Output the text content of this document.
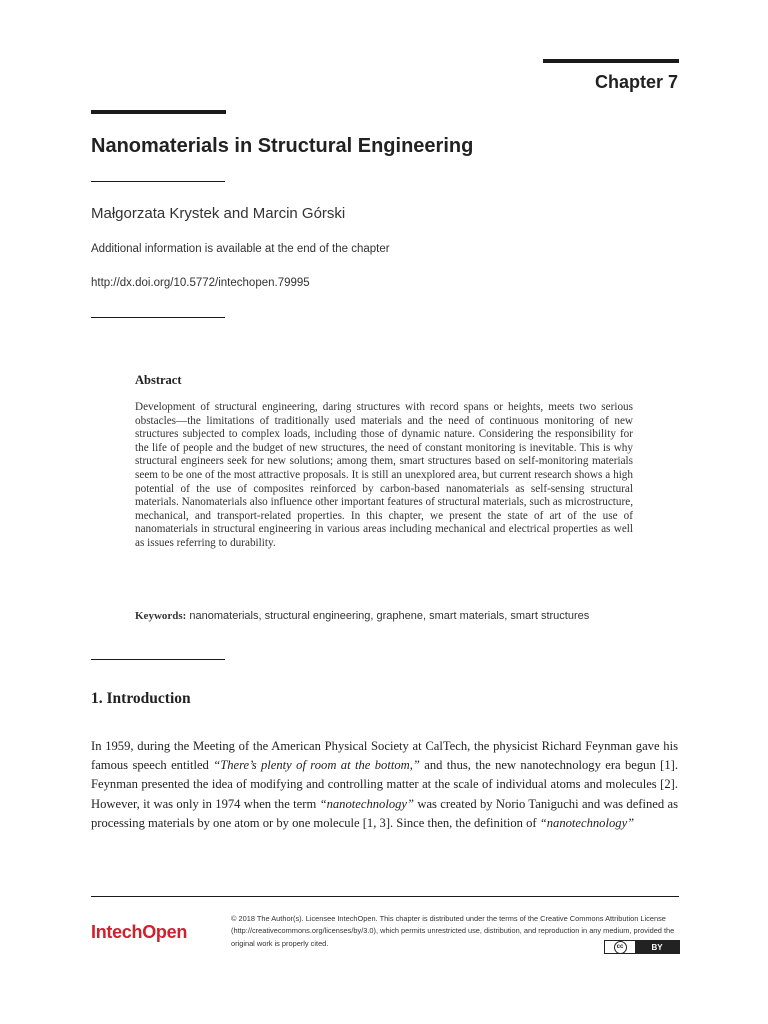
Chapter 7
Nanomaterials in Structural Engineering
Małgorzata Krystek and Marcin Górski
Additional information is available at the end of the chapter
http://dx.doi.org/10.5772/intechopen.79995
Abstract
Development of structural engineering, daring structures with record spans or heights, meets two serious obstacles—the limitations of traditionally used materials and the need of continuous monitoring of new structures subjected to complex loads, including those of dynamic nature. Considering the responsibility for the life of people and the budget of new structures, the need of constant monitoring is inevitable. This is why structural engineers seek for new solutions; among them, smart structures based on self-monitoring materials seem to be one of the most attractive proposals. It is still an unexplored area, but current research shows a high potential of the use of composites reinforced by carbon-based nanomaterials as self-sensing structural materials. Nanomaterials also influence other important features of structural materials, such as microstructure, mechanical, and transport-related properties. In this chapter, we present the state of art of the use of nanomaterials in structural engineering in various areas including mechanical and electrical properties as well as issues referring to durability.
Keywords: nanomaterials, structural engineering, graphene, smart materials, smart structures
1. Introduction
In 1959, during the Meeting of the American Physical Society at CalTech, the physicist Richard Feynman gave his famous speech entitled “There’s plenty of room at the bottom,” and thus, the new nanotechnology era begun [1]. Feynman presented the idea of modifying and controlling matter at the scale of individual atoms and molecules [2]. However, it was only in 1974 when the term “nanotechnology” was created by Norio Taniguchi and was defined as processing materials by one atom or by one molecule [1, 3]. Since then, the definition of “nanotechnology”
IntechOpen
© 2018 The Author(s). Licensee IntechOpen. This chapter is distributed under the terms of the Creative Commons Attribution License (http://creativecommons.org/licenses/by/3.0), which permits unrestricted use, distribution, and reproduction in any medium, provided the original work is properly cited.	cc	BY
